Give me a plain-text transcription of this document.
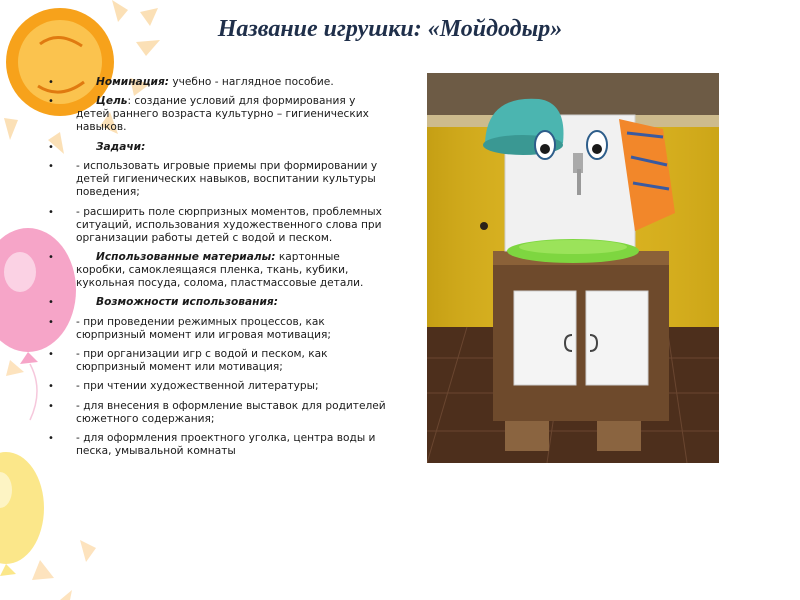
Название игрушки: «Мойдодыр»
• Номинация: учебно - наглядное пособие.
• Цель: создание условий для формирования у детей раннего возраста культурно – гигиенических навыков.
• Задачи:
• - использовать игровые приемы при формировании у детей гигиенических навыков, воспитании культуры поведения;
• - расширить поле сюрпризных моментов, проблемных ситуаций, использования художественного слова при организации работы детей с водой и песком.
• Использованные материалы: картонные коробки, самоклеящаяся пленка, ткань, кубики, кукольная посуда, солома, пластмассовые детали.
• Возможности использования:
• - при проведении режимных процессов, как сюрпризный момент или игровая мотивация;
• - при организации игр с водой и песком, как сюрпризный момент или мотивация;
• - при чтении художественной литературы;
• - для внесения в оформление выставок для родителей сюжетного содержания;
• - для оформления проектного уголка, центра воды и песка, умывальной комнаты
